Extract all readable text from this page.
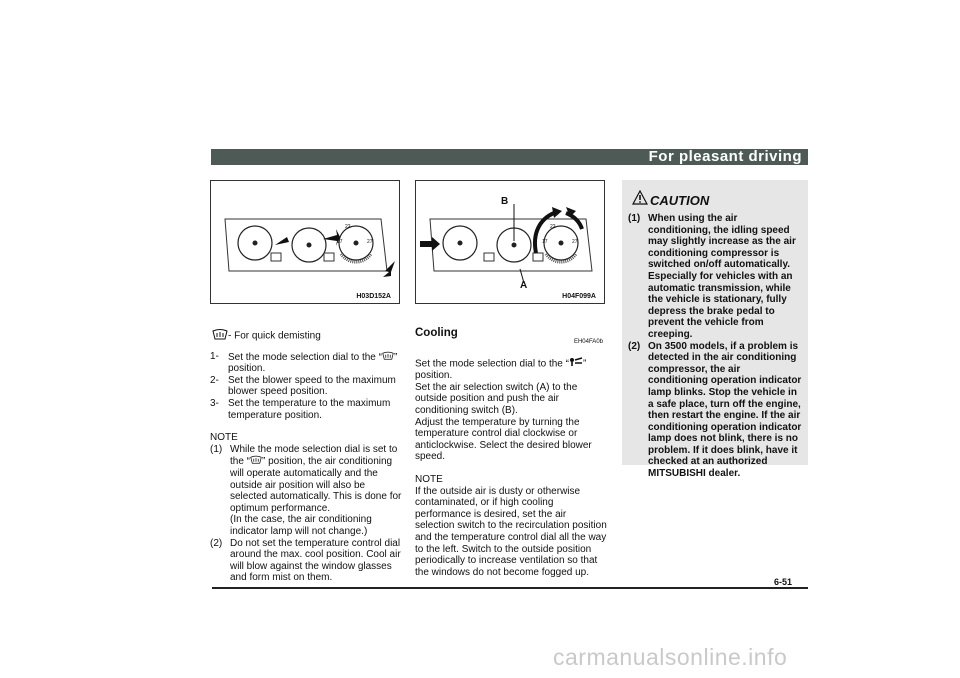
For pleasant driving
22
17	27
H03D152A
B
A
22
17	27
H04F099A

- For quick demisting

1- Set the mode selection dial to the “ ” position.
2- Set the blower speed to the maximum blower speed position.
3- Set the temperature to the maximum temperature position.

NOTE

(1) While the mode selection dial is set to the “ ” position, the air conditioning will operate automatically and the outside air position will also be selected automatically. This is done for optimum performance.
(In the case, the air conditioning indicator lamp will not change.)
(2) Do not set the temperature control dial around the max. cool position. Cool air will blow against the window glasses and form mist on them.
Cooling
EH04FA0b

Set the mode selection dial to the “ ” position.

Set the air selection switch (A) to the outside position and push the air conditioning switch (B).

Adjust the temperature by turning the temperature control dial clockwise or anticlockwise. Select the desired blower speed.

NOTE

If the outside air is dusty or otherwise contaminated, or if high cooling performance is desired, set the air selection switch to the recirculation position and the temperature control dial all the way to the left. Switch to the outside position periodically to increase ventilation so that the windows do not become fogged up.

CAUTION
(1) When using the air conditioning, the idling speed may slightly increase as the air conditioning compressor is switched on/off automatically. Especially for vehicles with an automatic transmission, while the vehicle is stationary, fully depress the brake pedal to prevent the vehicle from creeping.
(2) On 3500 models, if a problem is detected in the air conditioning compressor, the air conditioning operation indicator lamp blinks. Stop the vehicle in a safe place, turn off the engine, then restart the engine. If the air conditioning operation indicator lamp does not blink, there is no problem. If it does blink, have it checked at an authorized MITSUBISHI dealer.
6-51
carmanualsonline.info
